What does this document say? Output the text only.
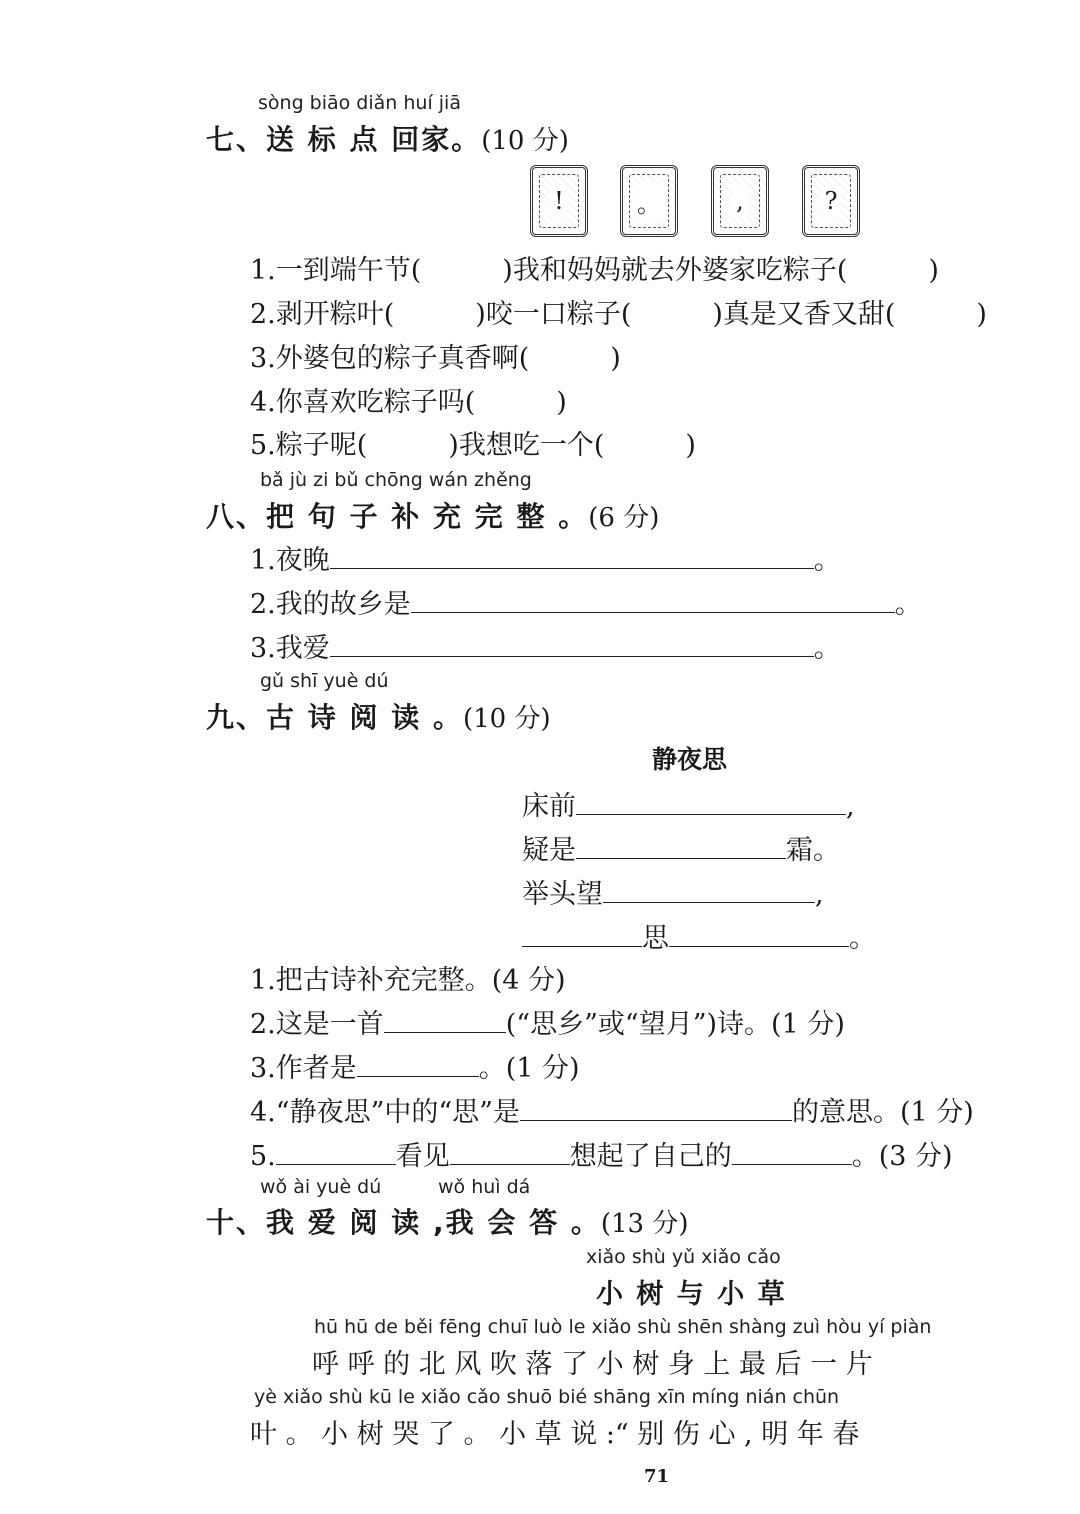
sòng biāo diǎn huí jiā
七、送 标 点 回家。(10 分)
!	。	,	?
1.一到端午节(　　　)我和妈妈就去外婆家吃粽子(　　　)
2.剥开粽叶(　　　)咬一口粽子(　　　)真是又香又甜(　　　)
3.外婆包的粽子真香啊(　　　)
4.你喜欢吃粽子吗(　　　)
5.粽子呢(　　　)我想吃一个(　　　)
bǎ jù zi bǔ chōng wán zhěng
八、把 句 子 补 充 完 整 。(6 分)
1.夜晚	。
2.我的故乡是	。
3.我爱	。
gǔ shī yuè dú
九、古 诗 阅 读 。(10 分)
静夜思
床前	,
疑是	霜。
举头望	,
思	。
1.把古诗补充完整。(4 分)
2.这是一首	(“思乡”或“望月”)诗。(1 分)
3.作者是	。(1 分)
4.“静夜思”中的“思”是	的意思。(1 分)
5.	看见	想起了自己的	。(3 分)
wǒ ài yuè dú	wǒ huì dá
十、我 爱 阅 读 ,我 会 答 。(13 分)
xiǎo shù yǔ xiǎo cǎo
小 树 与 小 草
hū hū de běi fēng chuī luò le xiǎo shù shēn shàng zuì hòu yí piàn
呼 呼 的 北 风 吹 落 了 小 树 身 上 最 后 一 片
yè xiǎo shù kū le xiǎo cǎo shuō bié shāng xīn míng nián chūn
叶 。 小 树 哭 了 。 小 草 说 :“ 别 伤 心 , 明 年 春
71
